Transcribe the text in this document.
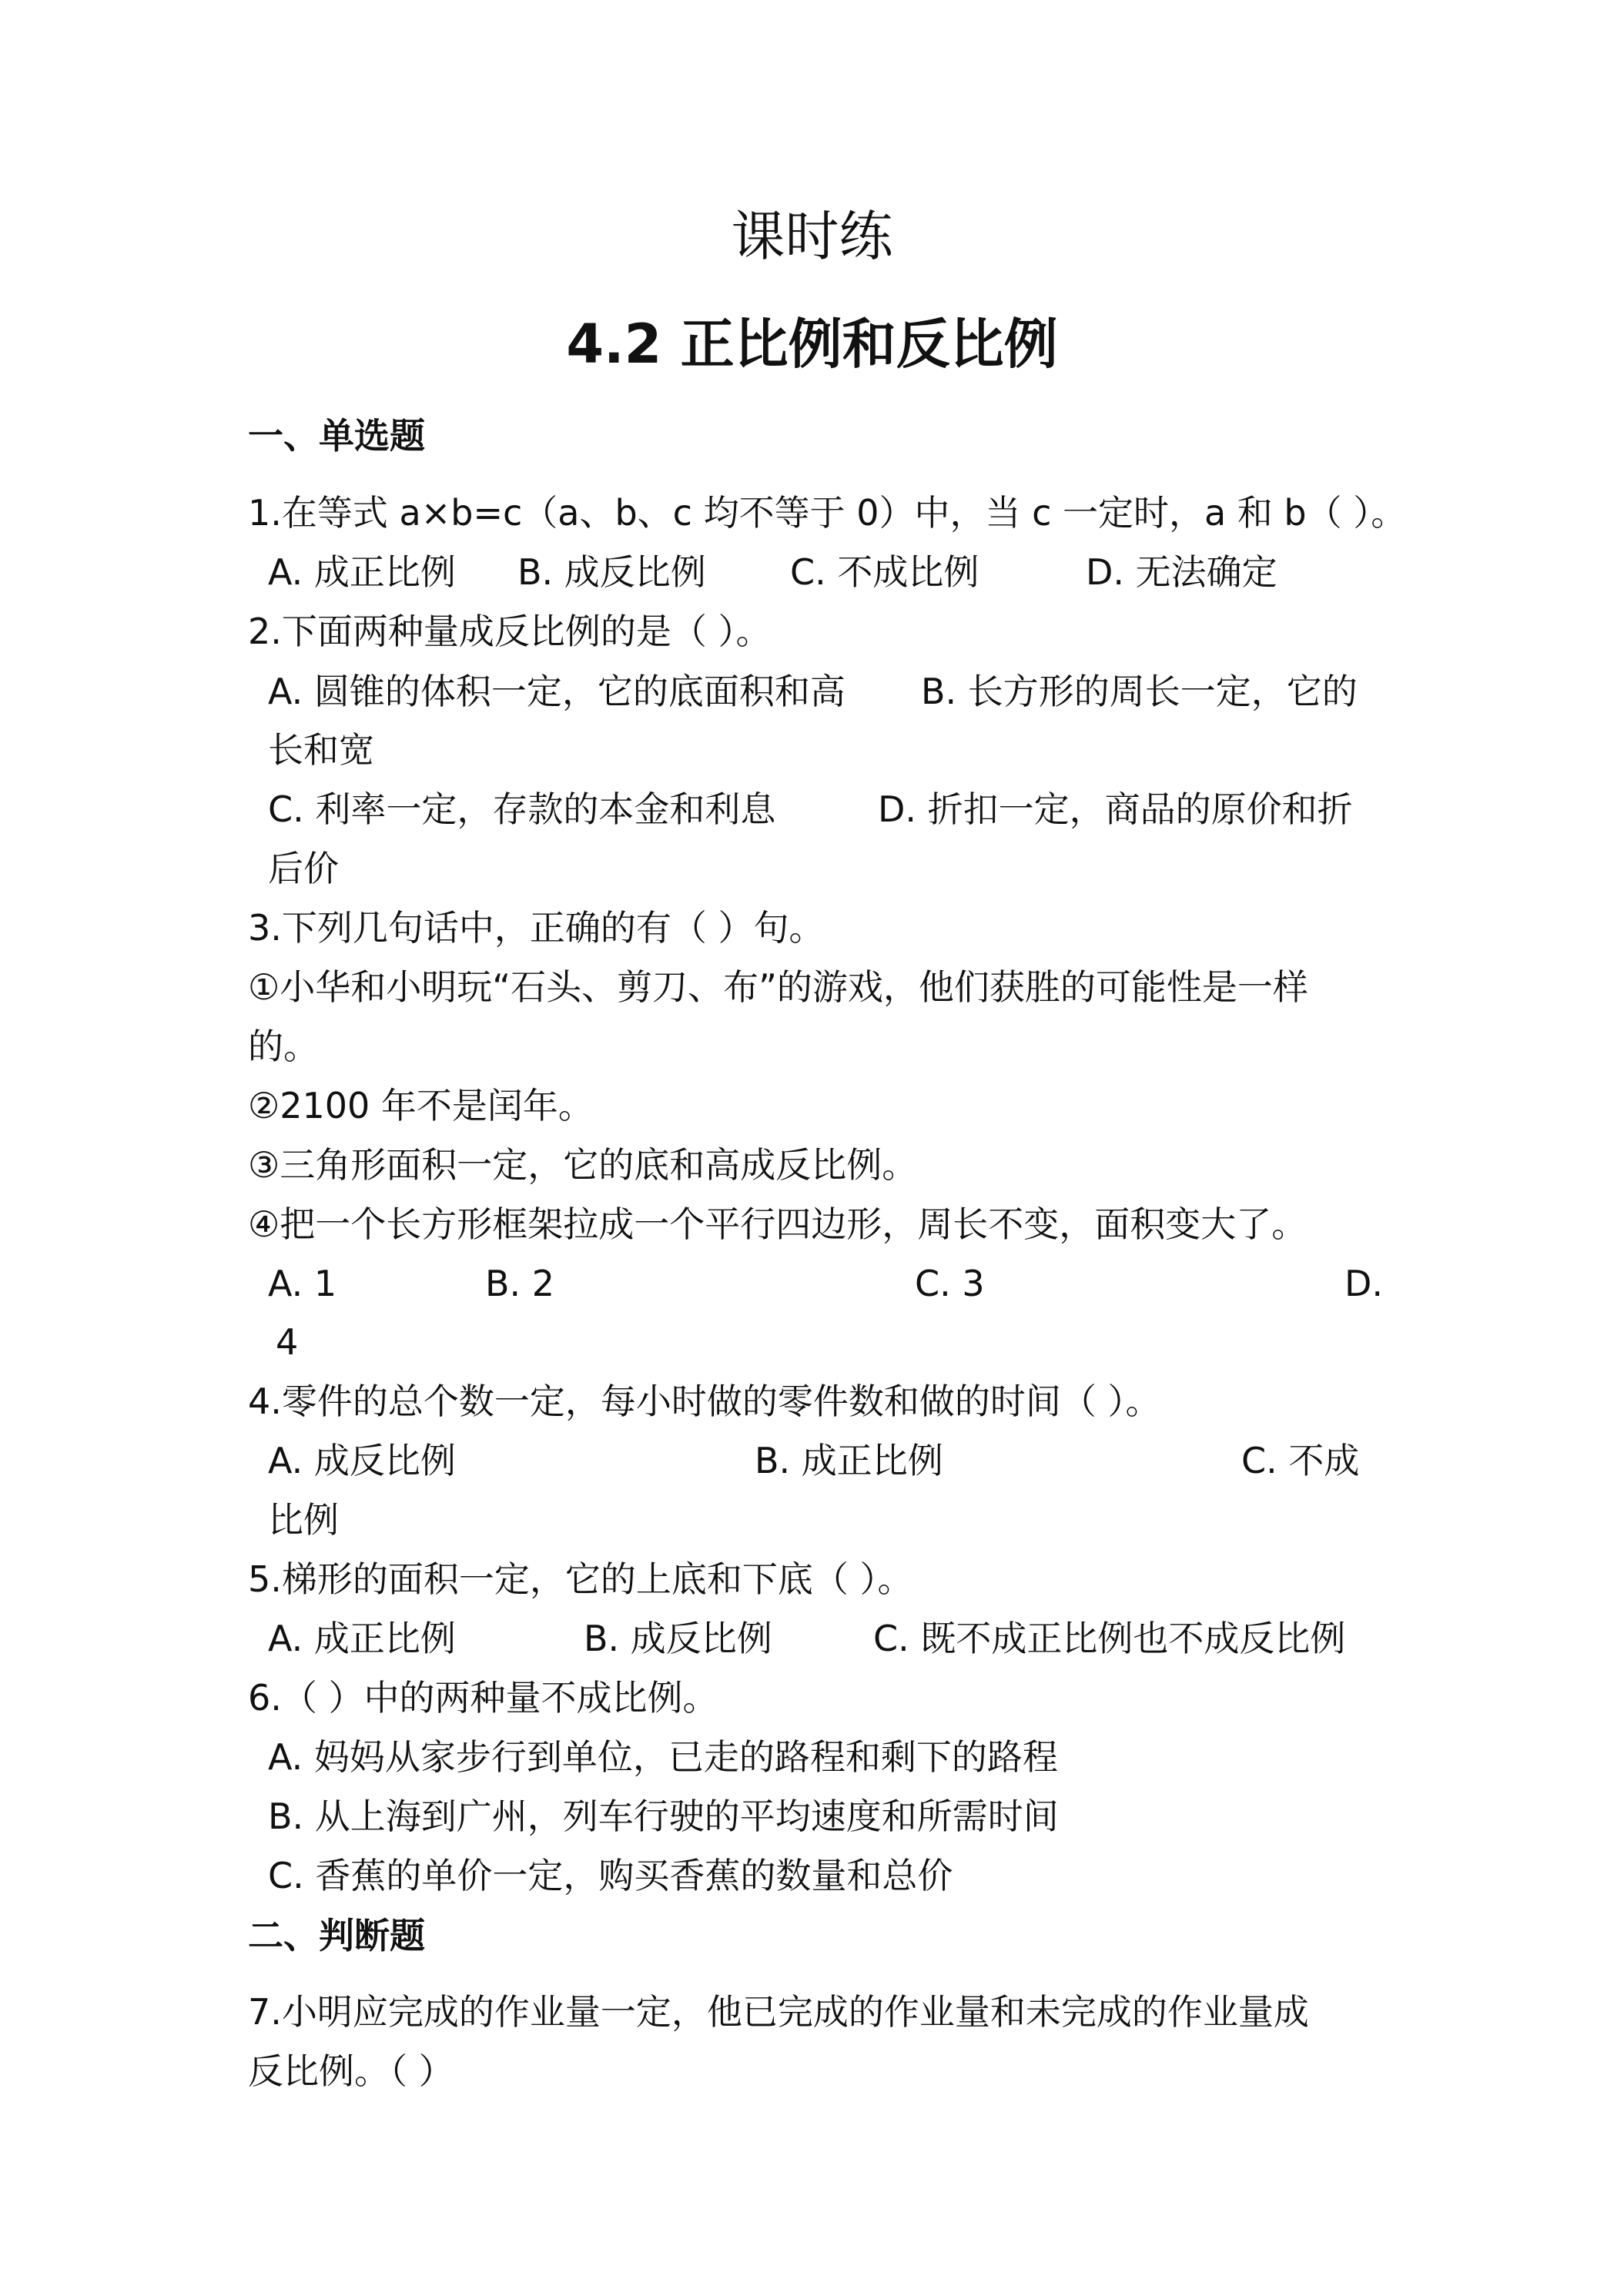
课时练
4.2 正比例和反比例
一、单选题
1.在等式 a×b=c（a、b、c 均不等于 0）中，当 c 一定时，a 和 b（ ）。
A. 成正比例 B. 成反比例 C. 不成比例	D. 无法确定
2.下面两种量成反比例的是（ ）。
A. 圆锥的体积一定，它的底面积和高 B. 长方形的周长一定，它的
长和宽
C. 利率一定，存款的本金和利息	D. 折扣一定，商品的原价和折
后价
3.下列几句话中，正确的有（ ）句。
①小华和小明玩“石头、剪刀、布”的游戏，他们获胜的可能性是一样
的。
②2100 年不是闰年。
③三角形面积一定，它的底和高成反比例。
④把一个长方形框架拉成一个平行四边形，周长不变，面积变大了。
A. 1	B. 2	C. 3	D.
4
4.零件的总个数一定，每小时做的零件数和做的时间（ ）。
A. 成反比例	B. 成正比例	C. 不成
比例
5.梯形的面积一定，它的上底和下底（ ）。
A. 成正比例	B. 成反比例	C. 既不成正比例也不成反比例
6.（ ）中的两种量不成比例。
A. 妈妈从家步行到单位，已走的路程和剩下的路程
B. 从上海到广州，列车行驶的平均速度和所需时间
C. 香蕉的单价一定，购买香蕉的数量和总价
二、判断题
7.小明应完成的作业量一定，他已完成的作业量和未完成的作业量成
反比例。（ ）
